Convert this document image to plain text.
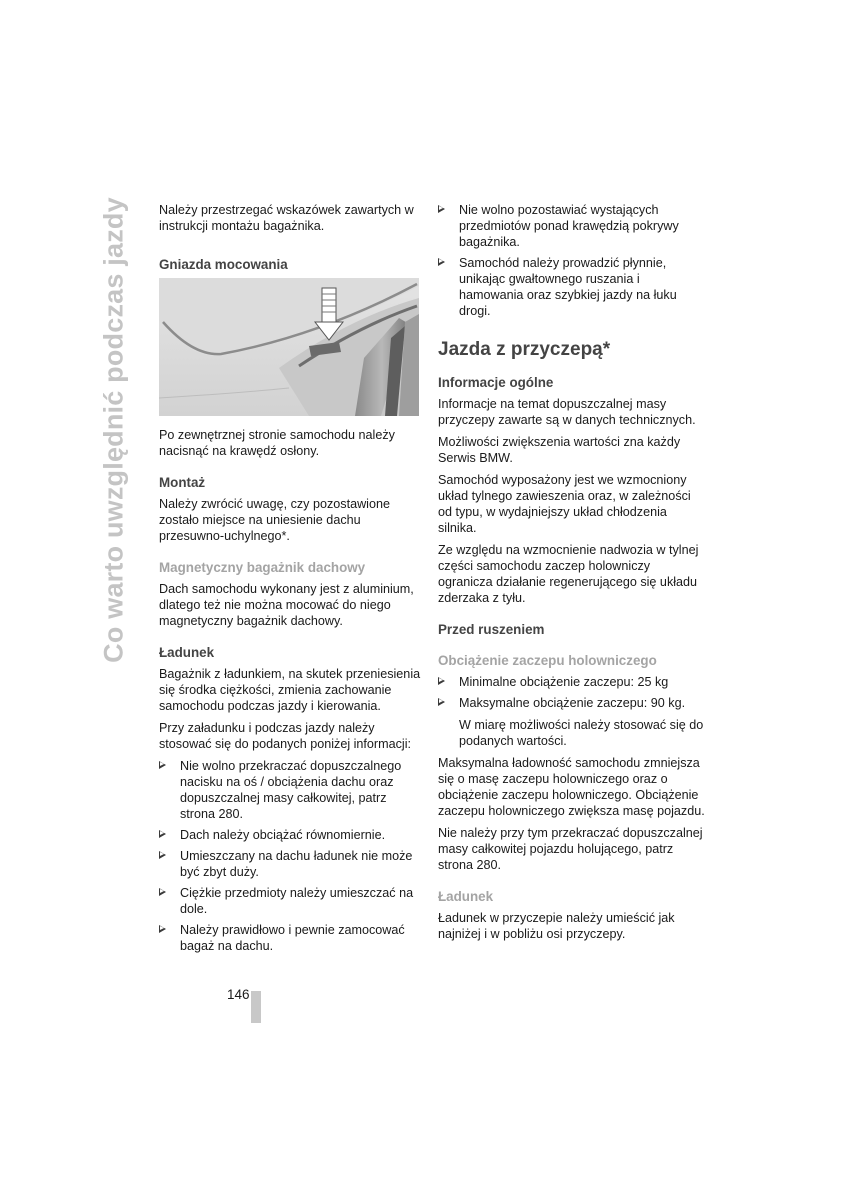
Co warto uwzględnić podczas jazdy Należy przestrzegać wskazówek zawartych w instrukcji montażu bagażnika.

Gniazda mocowania

Po zewnętrznej stronie samochodu należy nacisnąć na krawędź osłony.

Montaż

Należy zwrócić uwagę, czy pozostawione zostało miejsce na uniesienie dachu przesuwno-uchylnego*.

Magnetyczny bagażnik dachowy

Dach samochodu wykonany jest z aluminium, dlatego też nie można mocować do niego magnetyczny bagażnik dachowy.

Ładunek

Bagażnik z ładunkiem, na skutek przeniesienia się środka ciężkości, zmienia zachowanie samochodu podczas jazdy i kierowania.

Przy załadunku i podczas jazdy należy stosować się do podanych poniżej informacji:

Nie wolno przekraczać dopuszczalnego nacisku na oś / obciążenia dachu oraz dopuszczalnej masy całkowitej, patrz strona 280.
Dach należy obciążać równomiernie.
Umieszczany na dachu ładunek nie może być zbyt duży.
Ciężkie przedmioty należy umieszczać na dole.
Należy prawidłowo i pewnie zamocować bagaż na dachu.
Nie wolno pozostawiać wystających przedmiotów ponad krawędzią pokrywy bagażnika.
Samochód należy prowadzić płynnie, unikając gwałtownego ruszania i hamowania oraz szybkiej jazdy na łuku drogi.
Jazda z przyczepą*
Informacje ogólne

Informacje na temat dopuszczalnej masy przyczepy zawarte są w danych technicznych.

Możliwości zwiększenia wartości zna każdy Serwis BMW.

Samochód wyposażony jest we wzmocniony układ tylnego zawieszenia oraz, w zależności od typu, w wydajniejszy układ chłodzenia silnika.

Ze względu na wzmocnienie nadwozia w tylnej części samochodu zaczep holowniczy ogranicza działanie regenerującego się układu zderzaka z tyłu.

Przed ruszeniem
Obciążenie zaczepu holowniczego
Minimalne obciążenie zaczepu: 25 kg
Maksymalne obciążenie zaczepu: 90 kg.

W miarę możliwości należy stosować się do podanych wartości.

Maksymalna ładowność samochodu zmniejsza się o masę zaczepu holowniczego oraz o obciążenie zaczepu holowniczego. Obciążenie zaczepu holowniczego zwiększa masę pojazdu.

Nie należy przy tym przekraczać dopuszczalnej masy całkowitej pojazdu holującego, patrz strona 280.

Ładunek

Ładunek w przyczepie należy umieścić jak najniżej i w pobliżu osi przyczepy.

146
